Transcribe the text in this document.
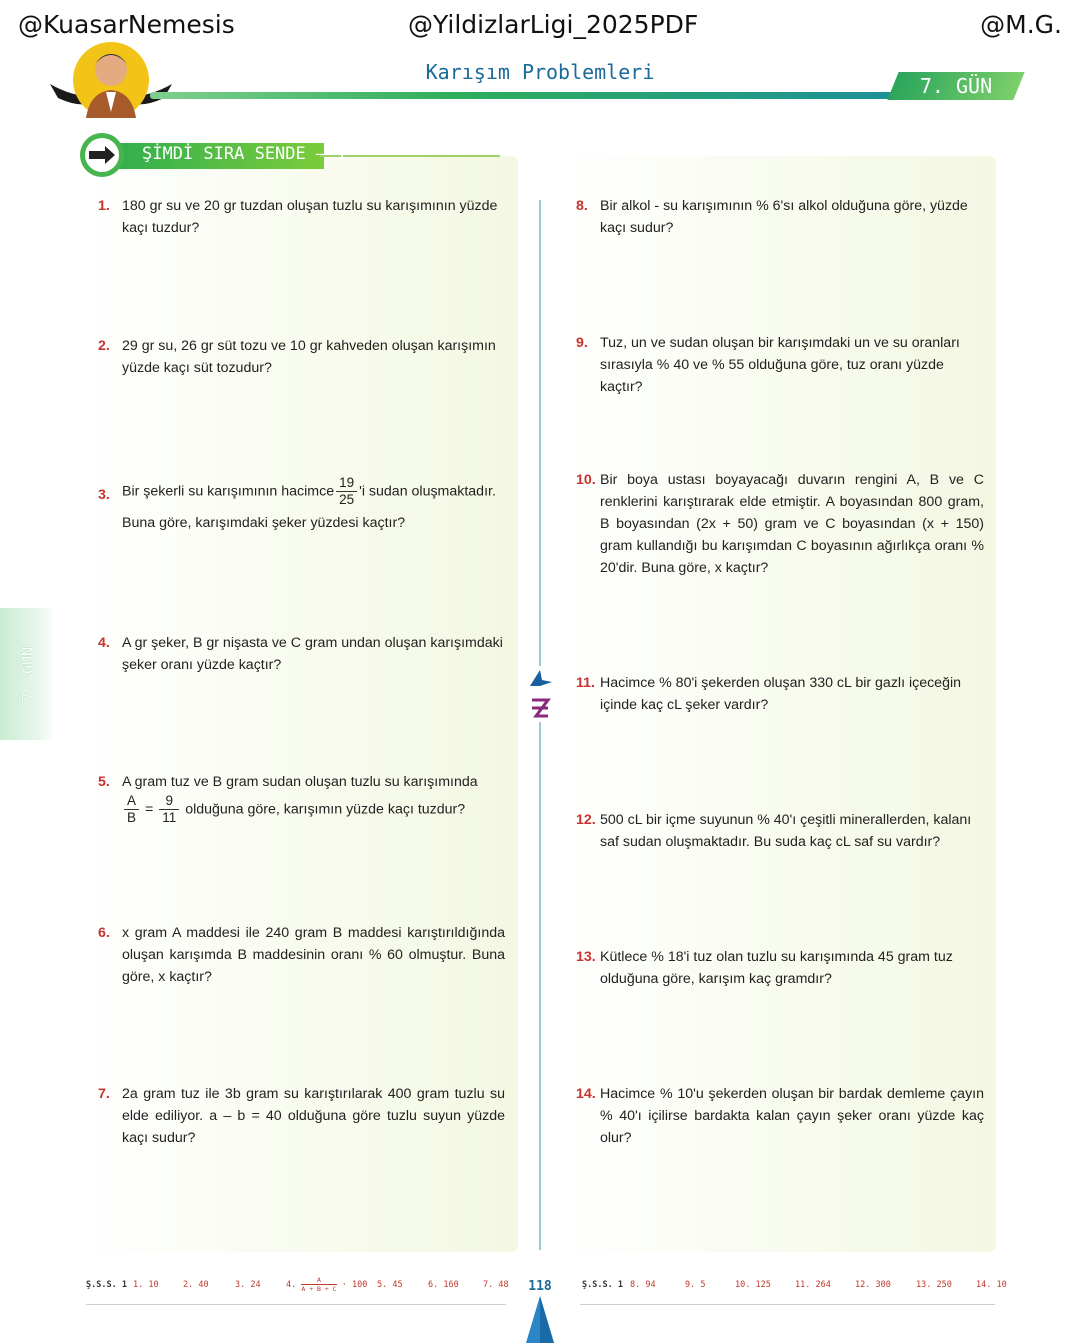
@KuasarNemesis	@YildizlarLigi_2025PDF	@M.G.
Karışım Problemleri
7. GÜN
ŞİMDİ SIRA SENDE – 1
7. GÜN
1. 180 gr su ve 20 gr tuzdan oluşan tuzlu su karışımının yüzde kaçı tuzdur?
2. 29 gr su, 26 gr süt tozu ve 10 gr kahveden oluşan karışımın yüzde kaçı süt tozudur?
3. Bir şekerli su karışımının hacimce $\frac{19}{25}$ 'i sudan oluşmaktadır.
Buna göre, karışımdaki şeker yüzdesi kaçtır?
4. A gr şeker, B gr nişasta ve C gram undan oluşan karışımdaki şeker oranı yüzde kaçtır?
5. A gram tuz ve B gram sudan oluşan tuzlu su karışımında
$\frac{A}{B} = \frac{9}{11}$ olduğuna göre, karışımın yüzde kaçı tuzdur?
6. x gram A maddesi ile 240 gram B maddesi karıştırıldığında oluşan karışımda B maddesinin oranı % 60 olmuştur. Buna göre, x kaçtır?
7. 2a gram tuz ile 3b gram su karıştırılarak 400 gram tuzlu su elde ediliyor. a – b = 40 olduğuna göre tuzlu suyun yüzde kaçı sudur?
8. Bir alkol - su karışımının % 6'sı alkol olduğuna göre, yüzde kaçı sudur?
9. Tuz, un ve sudan oluşan bir karışımdaki un ve su oranları sırasıyla % 40 ve % 55 olduğuna göre, tuz oranı yüzde kaçtır?
10. Bir boya ustası boyayacağı duvarın rengini A, B ve C renklerini karıştırarak elde etmiştir. A boyasından 800 gram, B boyasından (2x + 50) gram ve C boyasından (x + 150) gram kullandığı bu karışımdan C boyasının ağırlıkça oranı % 20'dir. Buna göre, x kaçtır?
11. Hacimce % 80'i şekerden oluşan 330 cL bir gazlı içeceğin içinde kaç cL şeker vardır?
12. 500 cL bir içme suyunun % 40'ı çeşitli minerallerden, kalanı saf sudan oluşmaktadır. Bu suda kaç cL saf su vardır?
13. Kütlece % 18'i tuz olan tuzlu su karışımında 45 gram tuz olduğuna göre, karışım kaç gramdır?
14. Hacimce % 10'u şekerden oluşan bir bardak demleme çayın % 40'ı içilirse bardakta kalan çayın şeker oranı yüzde kaç olur?
Ş.S.S. 1 1. 10	2. 40	3. 24	4. $\frac{A}{A + B + C} \cdot 100$ 5. 45	6. 160	7. 48 118	Ş.S.S. 1 8. 94	9. 5	10. 125	11. 264	12. 300	13. 250	14. 10
